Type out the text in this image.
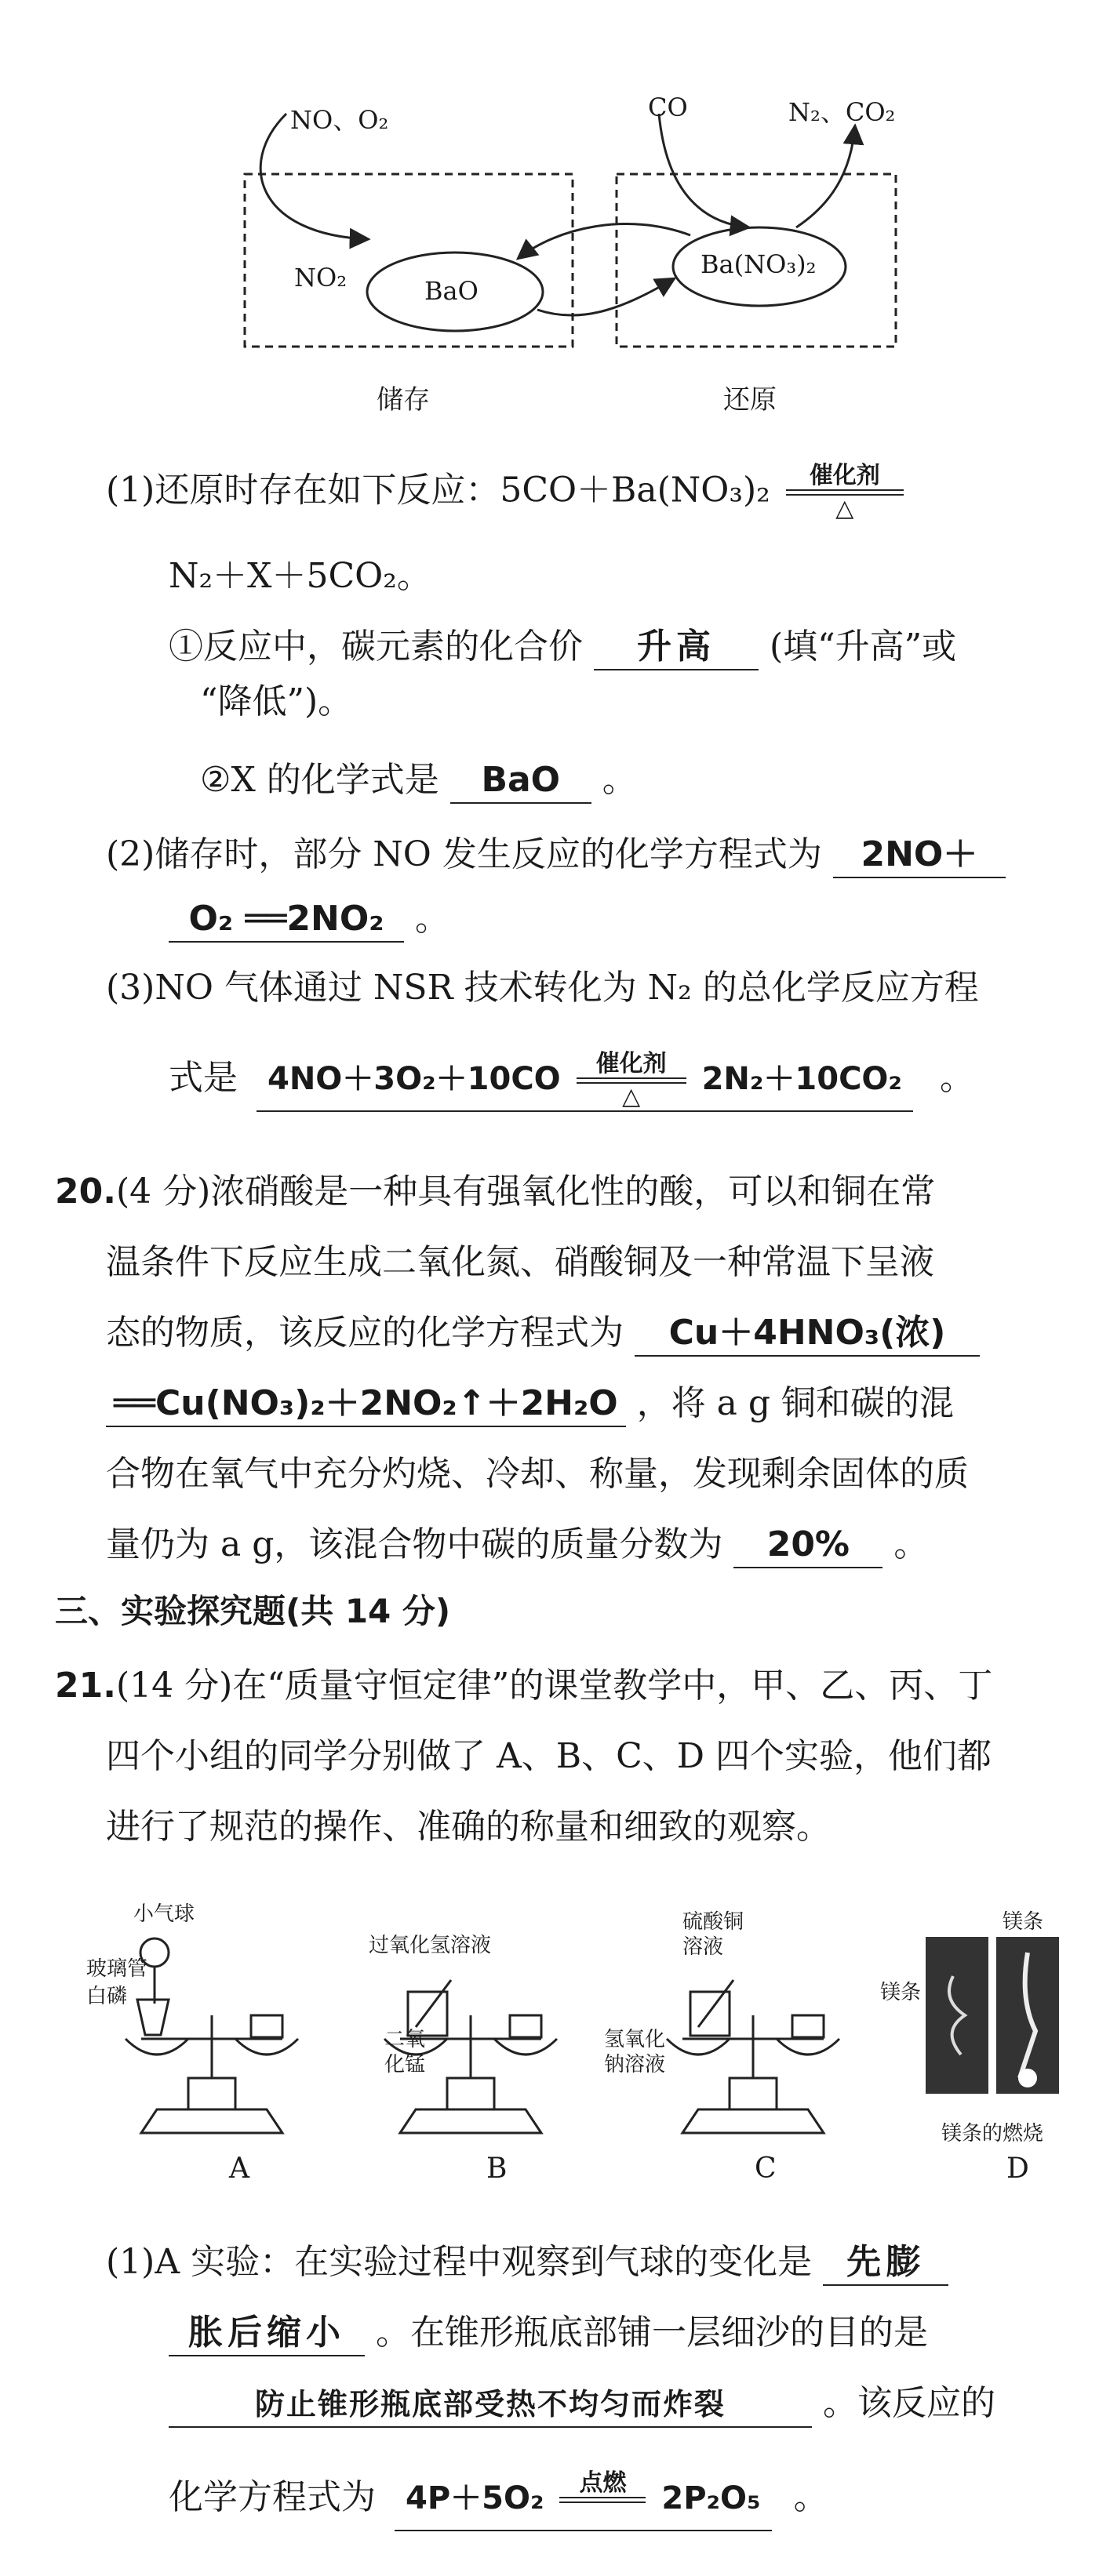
NO、O₂	CO	N₂、CO₂
NO₂	BaO
Ba(NO₃)₂
储存	还原
(1)还原时存在如下反应：5CO＋Ba(NO₃)₂	催化剂
△
N₂＋X＋5CO₂。
①反应中，碳元素的化合价 升高 (填“升高”或
“降低”)。
②X 的化学式是 BaO 。
(2)储存时，部分 NO 发生反应的化学方程式为 2NO＋
O₂ ══2NO₂ 。
(3)NO 气体通过 NSR 技术转化为 N₂ 的总化学反应方程
式是 4NO＋3O₂＋10CO	催化剂
△	2N₂＋10CO₂ 。
20.(4 分)浓硝酸是一种具有强氧化性的酸，可以和铜在常
温条件下反应生成二氧化氮、硝酸铜及一种常温下呈液
态的物质，该反应的化学方程式为 Cu＋4HNO₃(浓)
══Cu(NO₃)₂＋2NO₂↑＋2H₂O ，将 a g 铜和碳的混
合物在氧气中充分灼烧、冷却、称量，发现剩余固体的质
量仍为 a g，该混合物中碳的质量分数为 20% 。
三、实验探究题(共 14 分)
21.(14 分)在“质量守恒定律”的课堂教学中，甲、乙、丙、丁
四个小组的同学分别做了 A、B、C、D 四个实验，他们都
进行了规范的操作、准确的称量和细致的观察。
小气球
玻璃管
白磷
A
过氧化氢溶液
二氧
化锰
B
硫酸铜
溶液
氢氧化
钠溶液
C
镁条
镁条
镁条的燃烧
D
(1)A 实验：在实验过程中观察到气球的变化是 先膨
胀后缩小 。在锥形瓶底部铺一层细沙的目的是
防止锥形瓶底部受热不均匀而炸裂	。该反应的
化学方程式为 4P＋5O₂	点燃
	2P₂O₅ 。
